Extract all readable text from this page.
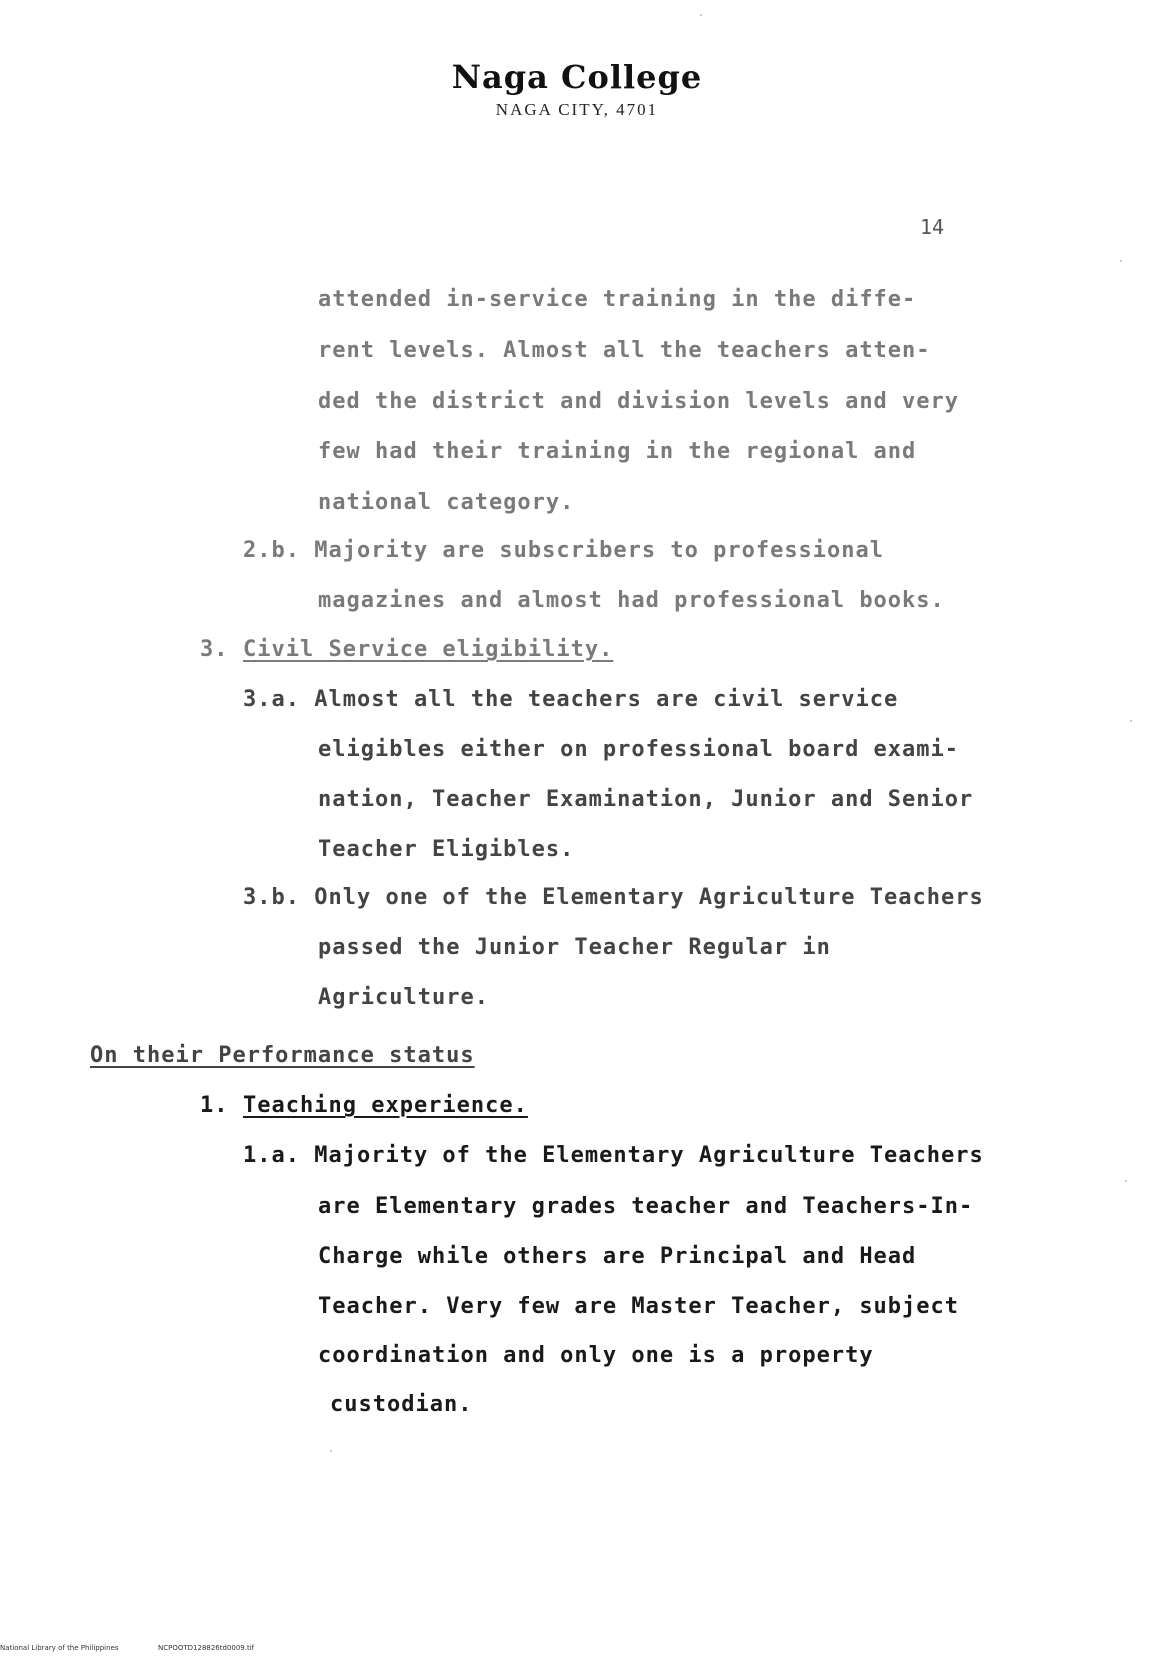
Naga College
NAGA CITY, 4701
14
attended in-service training in the diffe-
rent levels. Almost all the teachers atten-
ded the district and division levels and very
few had their training in the regional and
national category.
2.b. Majority are subscribers to professional
magazines and almost had professional books.
3. Civil Service eligibility.
3.a. Almost all the teachers are civil service
eligibles either on professional board exami-
nation, Teacher Examination, Junior and Senior
Teacher Eligibles.
3.b. Only one of the Elementary Agriculture Teachers
passed the Junior Teacher Regular in
Agriculture.
On their Performance status
1. Teaching experience.
1.a. Majority of the Elementary Agriculture Teachers
are Elementary grades teacher and Teachers-In-
Charge while others are Principal and Head
Teacher. Very few are Master Teacher, subject
coordination and only one is a property
custodian.
National Library of the Philippines	NCPOOTD128826td0009.tif
